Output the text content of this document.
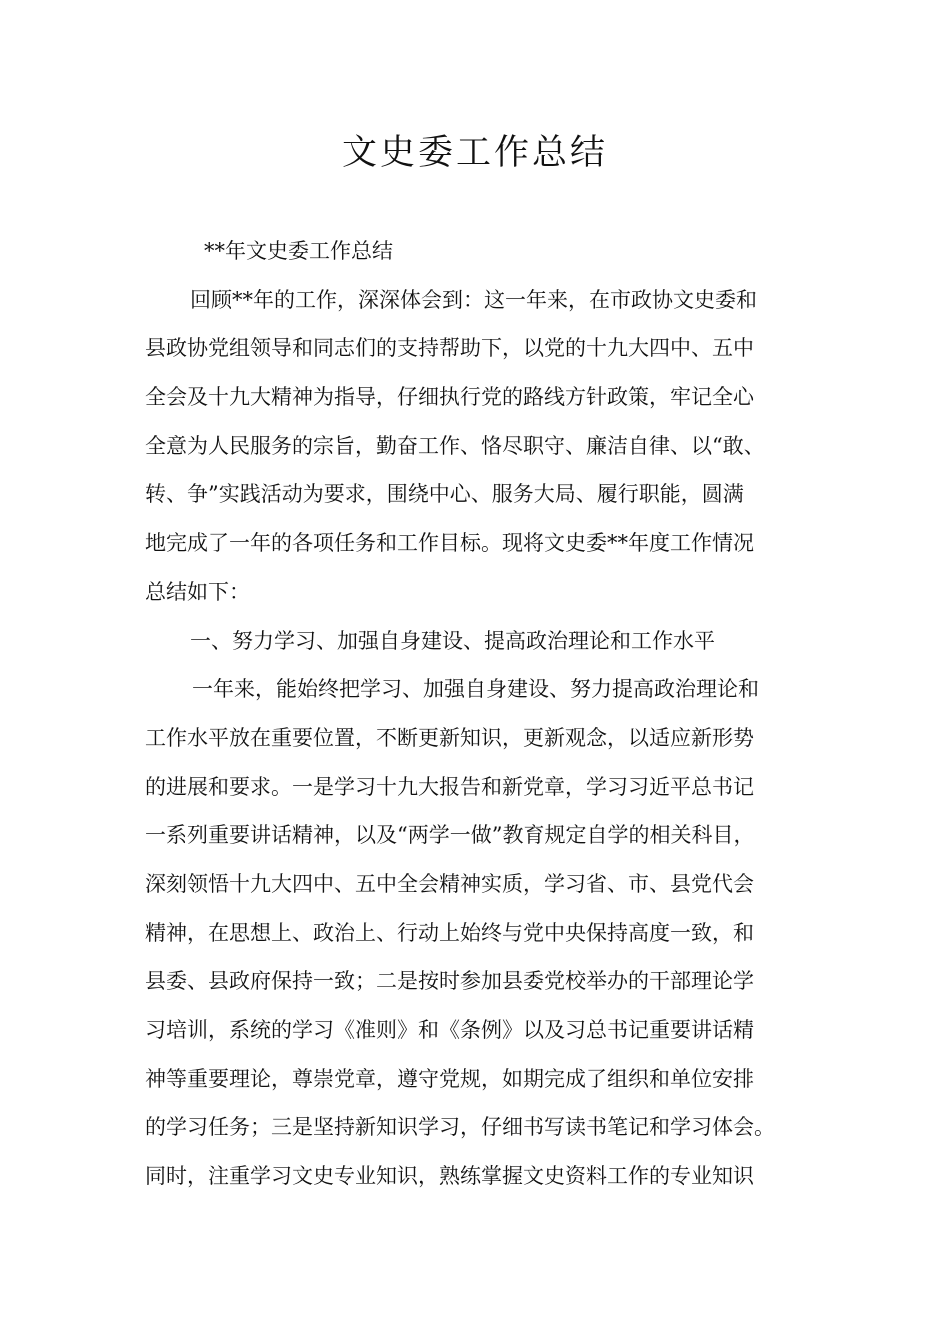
文史委工作总结
**年文史委工作总结
回顾**年的工作，深深体会到：这一年来，在市政协文史委和
县政协党组领导和同志们的支持帮助下，以党的十九大四中、五中
全会及十九大精神为指导，仔细执行党的路线方针政策，牢记全心
全意为人民服务的宗旨，勤奋工作、恪尽职守、廉洁自律、以“敢、
转、争”实践活动为要求，围绕中心、服务大局、履行职能，圆满
地完成了一年的各项任务和工作目标。现将文史委**年度工作情况
总结如下：
一、努力学习、加强自身建设、提高政治理论和工作水平
一年来，能始终把学习、加强自身建设、努力提高政治理论和
工作水平放在重要位置，不断更新知识，更新观念，以适应新形势
的进展和要求。一是学习十九大报告和新党章，学习习近平总书记
一系列重要讲话精神，以及“两学一做”教育规定自学的相关科目，
深刻领悟十九大四中、五中全会精神实质，学习省、市、县党代会
精神，在思想上、政治上、行动上始终与党中央保持高度一致，和
县委、县政府保持一致；二是按时参加县委党校举办的干部理论学
习培训，系统的学习《准则》和《条例》以及习总书记重要讲话精
神等重要理论，尊崇党章，遵守党规，如期完成了组织和单位安排
的学习任务；三是坚持新知识学习，仔细书写读书笔记和学习体会。
同时，注重学习文史专业知识，熟练掌握文史资料工作的专业知识
